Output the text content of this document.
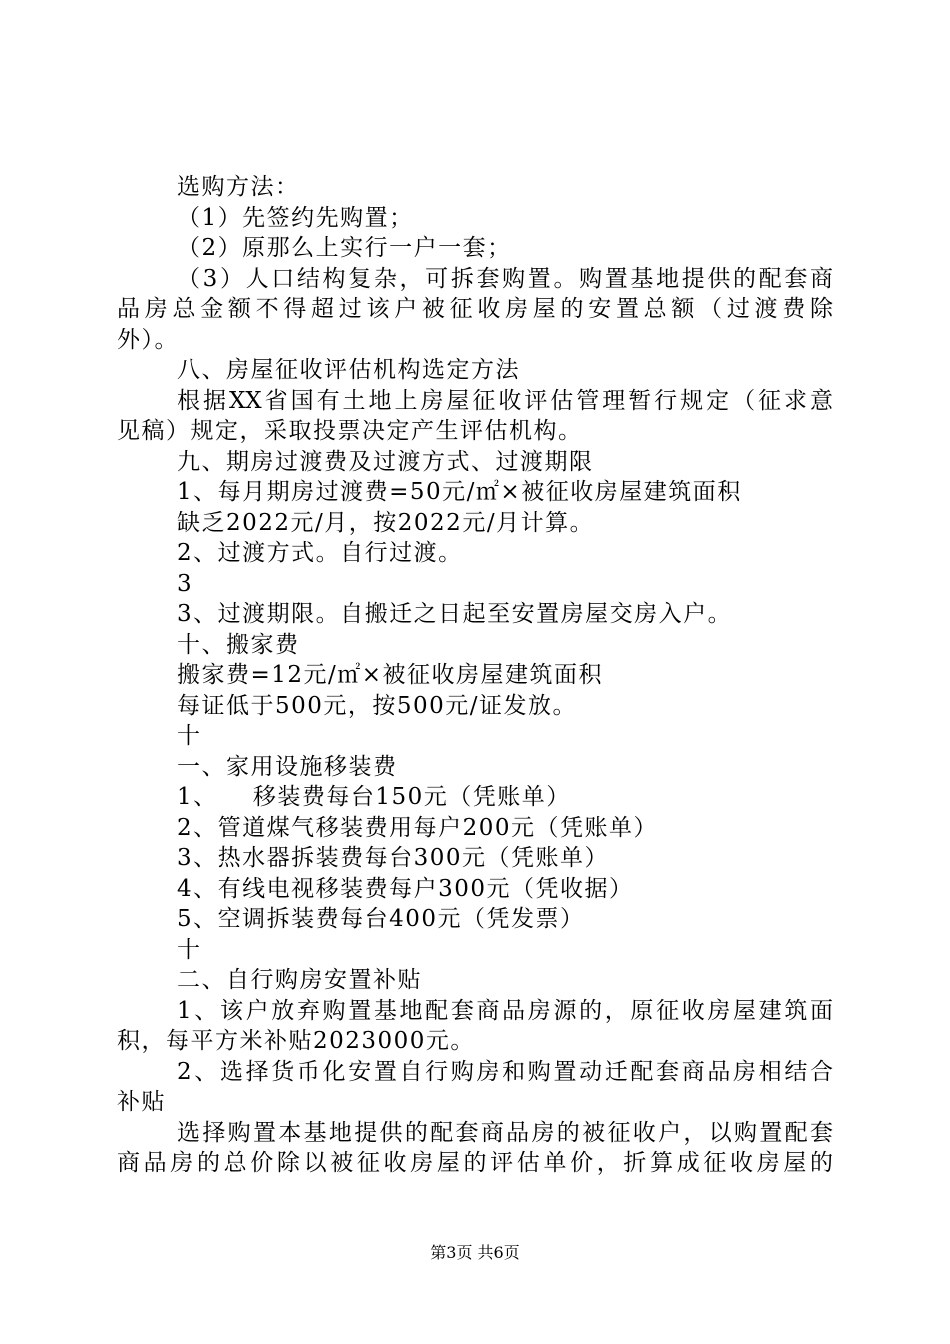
选购方法：
（1）先签约先购置；
（2）原那么上实行一户一套；
（3）人口结构复杂，可拆套购置。购置基地提供的配套商
品房总金额不得超过该户被征收房屋的安置总额（过渡费除
外）。
八、房屋征收评估机构选定方法
根据XX省国有土地上房屋征收评估管理暂行规定（征求意
见稿）规定，采取投票决定产生评估机构。
九、期房过渡费及过渡方式、过渡期限
1、每月期房过渡费=50元/㎡×被征收房屋建筑面积
缺乏2022元/月，按2022元/月计算。
2、过渡方式。自行过渡。
3
3、过渡期限。自搬迁之日起至安置房屋交房入户。
十、搬家费
搬家费=12元/㎡×被征收房屋建筑面积
每证低于500元，按500元/证发放。
十
一、家用设施移装费
1、    移装费每台150元（凭账单）
2、管道煤气移装费用每户200元（凭账单）
3、热水器拆装费每台300元（凭账单）
4、有线电视移装费每户300元（凭收据）
5、空调拆装费每台400元（凭发票）
十
二、自行购房安置补贴
1、该户放弃购置基地配套商品房源的，原征收房屋建筑面
积，每平方米补贴2023000元。
2、选择货币化安置自行购房和购置动迁配套商品房相结合
补贴
选择购置本基地提供的配套商品房的被征收户，以购置配套
商品房的总价除以被征收房屋的评估单价，折算成征收房屋的
第3页 共6页
